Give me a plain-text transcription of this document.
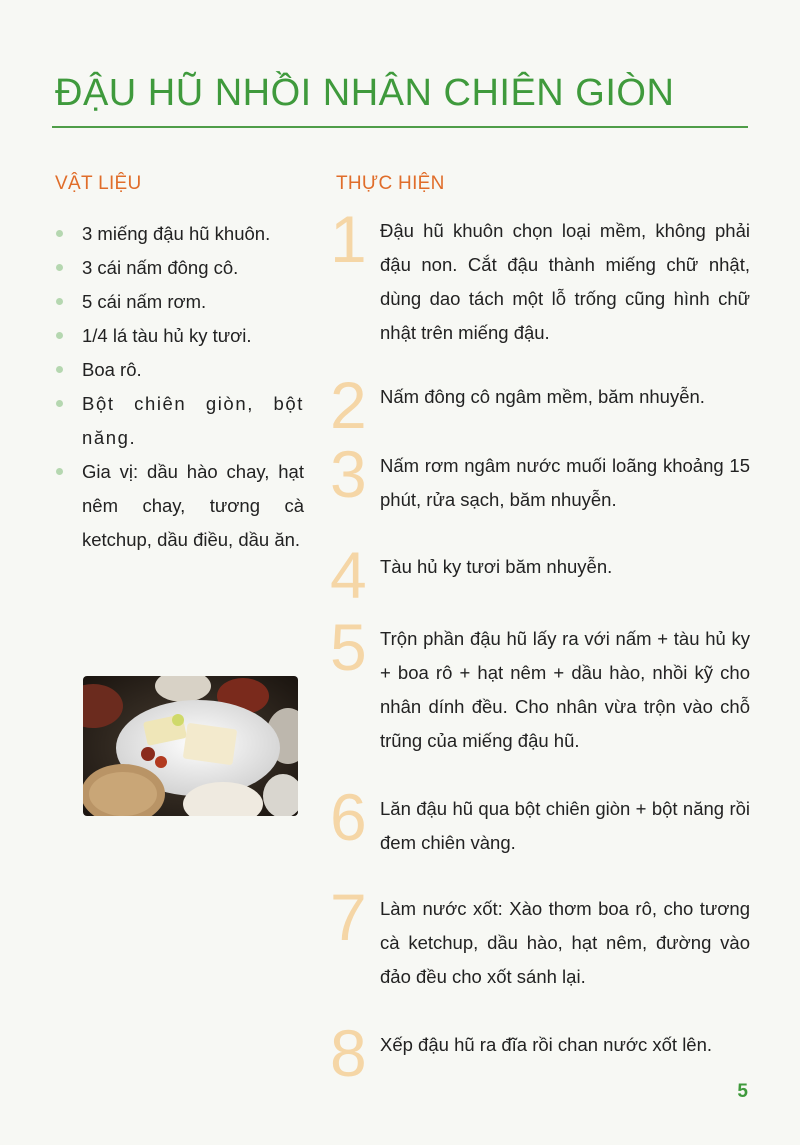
ĐẬU HŨ NHỒI NHÂN CHIÊN GIÒN
VẬT LIỆU	THỰC HIỆN
3 miếng đậu hũ khuôn.
3 cái nấm đông cô.
5 cái nấm rơm.
1/4 lá tàu hủ ky tươi.
Boa rô.
Bột chiên giòn, bột năng.
Gia vị: dầu hào chay, hạt nêm chay, tương cà ketchup, dầu điều, dầu ăn.
1 Đậu hũ khuôn chọn loại mềm, không phải đậu non. Cắt đậu thành miếng chữ nhật, dùng dao tách một lỗ trống cũng hình chữ nhật trên miếng đậu.
2 Nấm đông cô ngâm mềm, băm nhuyễn.
3 Nấm rơm ngâm nước muối loãng khoảng 15 phút, rửa sạch, băm nhuyễn.
4 Tàu hủ ky tươi băm nhuyễn.
5 Trộn phần đậu hũ lấy ra với nấm + tàu hủ ky + boa rô + hạt nêm + dầu hào, nhồi kỹ cho nhân dính đều. Cho nhân vừa trộn vào chỗ trũng của miếng đậu hũ.
6 Lăn đậu hũ qua bột chiên giòn + bột năng rồi đem chiên vàng.
7 Làm nước xốt: Xào thơm boa rô, cho tương cà ketchup, dầu hào, hạt nêm, đường vào đảo đều cho xốt sánh lại.
8 Xếp đậu hũ ra đĩa rồi chan nước xốt lên.
5
